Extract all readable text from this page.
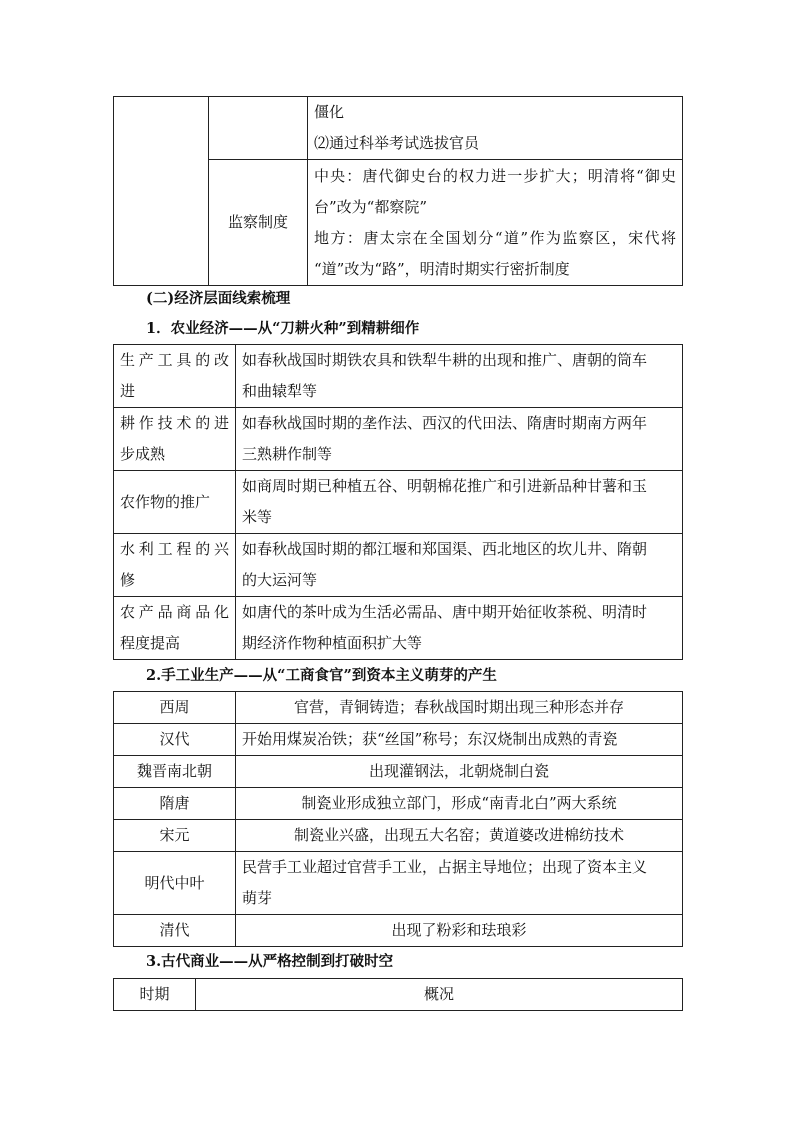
		僵化
⑵通过科举考试选拔官员

	监察制度	中央：唐代御史台的权力进一步扩大；明清将“御史
台”改为“都察院”
地方：唐太宗在全国划分“道”作为监察区，宋代将
“道”改为“路”，明清时期实行密折制度
(二)经济层面线索梳理
1．农业经济——从“刀耕火种”到精耕细作
生产工具的改
进	如春秋战国时期铁农具和铁犁牛耕的出现和推广、唐朝的筒车
和曲辕犁等

耕作技术的进
步成熟	如春秋战国时期的垄作法、西汉的代田法、隋唐时期南方两年
三熟耕作制等

农作物的推广	如商周时期已种植五谷、明朝棉花推广和引进新品种甘薯和玉
米等

水利工程的兴
修	如春秋战国时期的都江堰和郑国渠、西北地区的坎儿井、隋朝
的大运河等

农产品商品化
程度提高	如唐代的茶叶成为生活必需品、唐中期开始征收茶税、明清时
期经济作物种植面积扩大等
2.手工业生产——从“工商食官”到资本主义萌芽的产生
西周	官营，青铜铸造；春秋战国时期出现三种形态并存
汉代	开始用煤炭冶铁；获“丝国”称号；东汉烧制出成熟的青瓷
魏晋南北朝	出现灌钢法，北朝烧制白瓷
隋唐	制瓷业形成独立部门，形成“南青北白”两大系统
宋元	制瓷业兴盛，出现五大名窑；黄道婆改进棉纺技术
明代中叶	民营手工业超过官营手工业，占据主导地位；出现了资本主义
萌芽

清代	出现了粉彩和珐琅彩
3.古代商业——从严格控制到打破时空
时期	概况
